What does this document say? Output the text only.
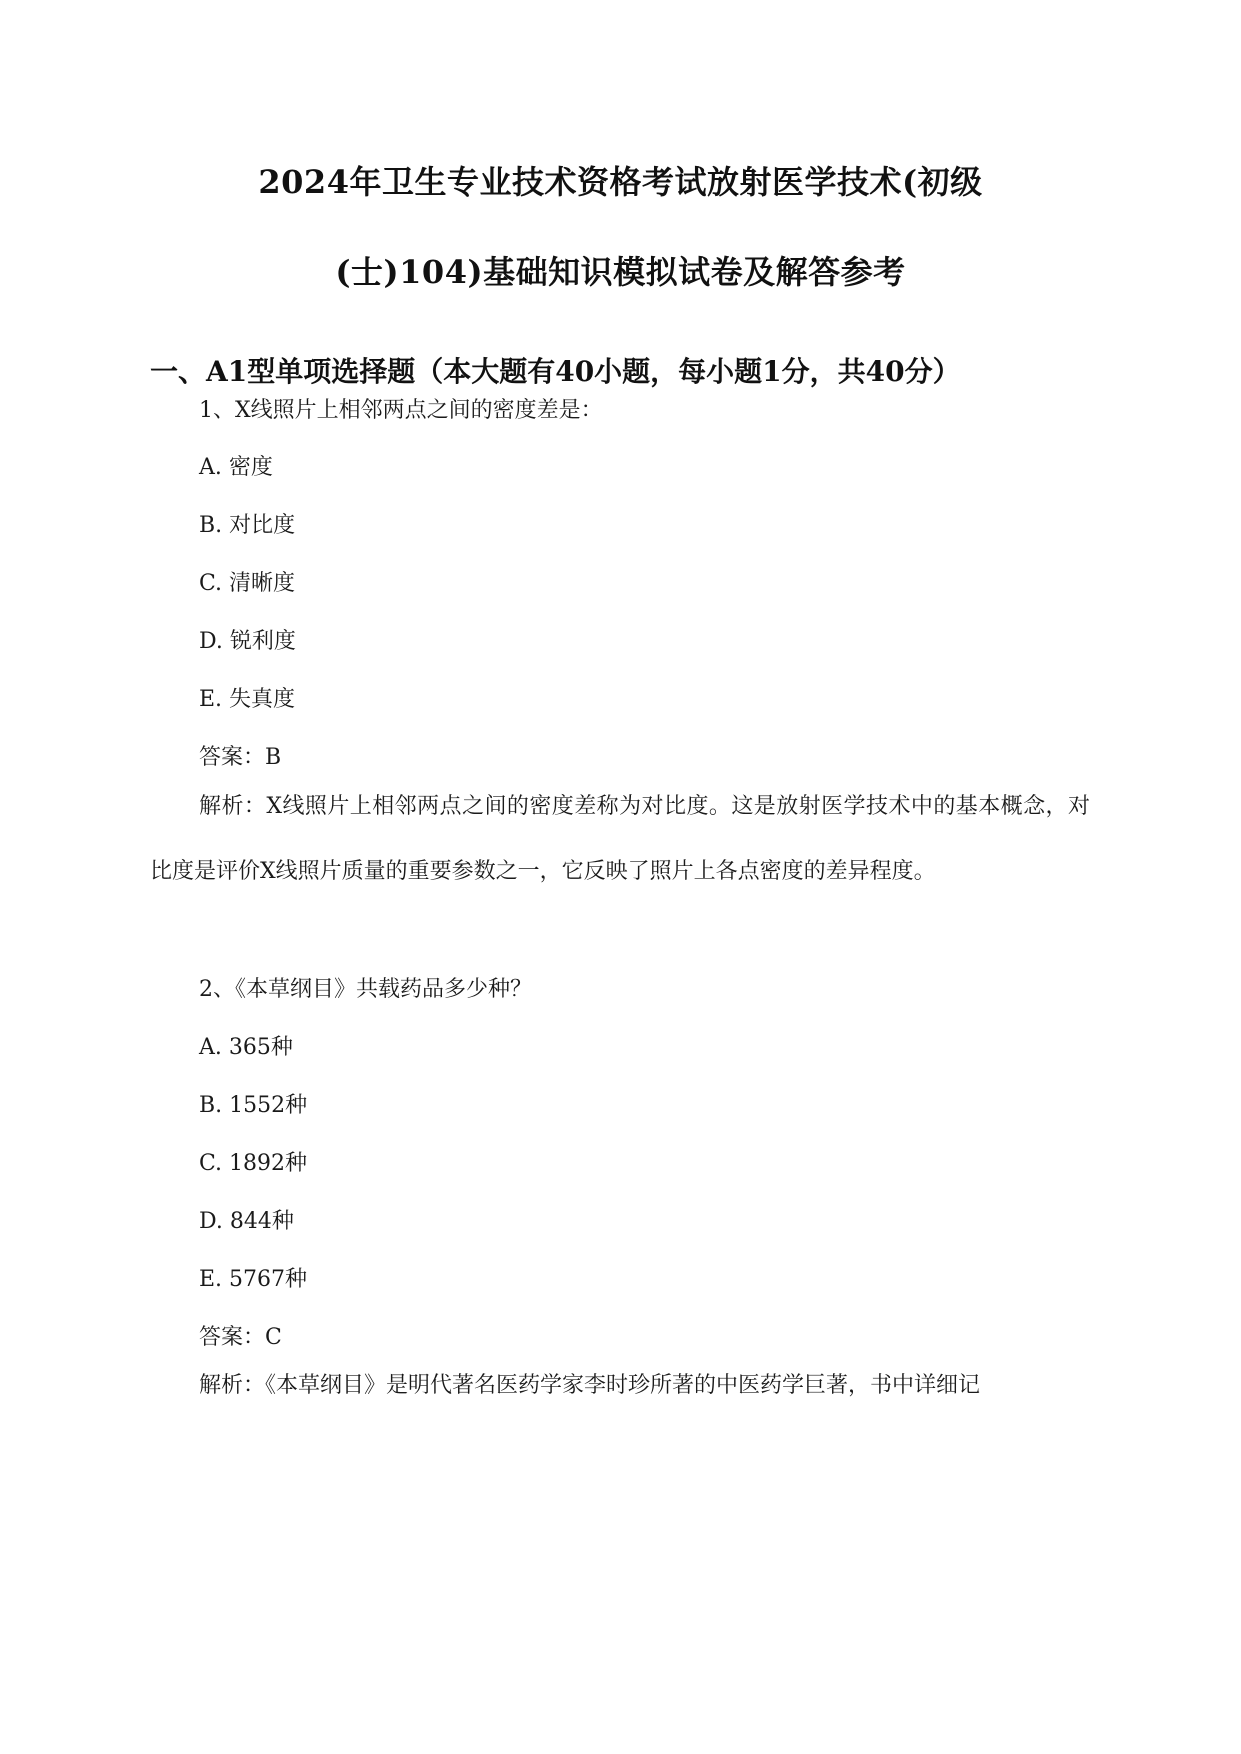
2024年卫生专业技术资格考试放射医学技术(初级
(士)104)基础知识模拟试卷及解答参考
一、A1型单项选择题（本大题有40小题，每小题1分，共40分）
1、X线照片上相邻两点之间的密度差是：
A. 密度
B. 对比度
C. 清晰度
D. 锐利度
E. 失真度
答案：B
解析：X线照片上相邻两点之间的密度差称为对比度。这是放射医学技术中的基本概念，对比度是评价X线照片质量的重要参数之一，它反映了照片上各点密度的差异程度。
2、《本草纲目》共载药品多少种？
A. 365种
B. 1552种
C. 1892种
D. 844种
E. 5767种
答案：C
解析：《本草纲目》是明代著名医药学家李时珍所著的中医药学巨著，书中详细记
